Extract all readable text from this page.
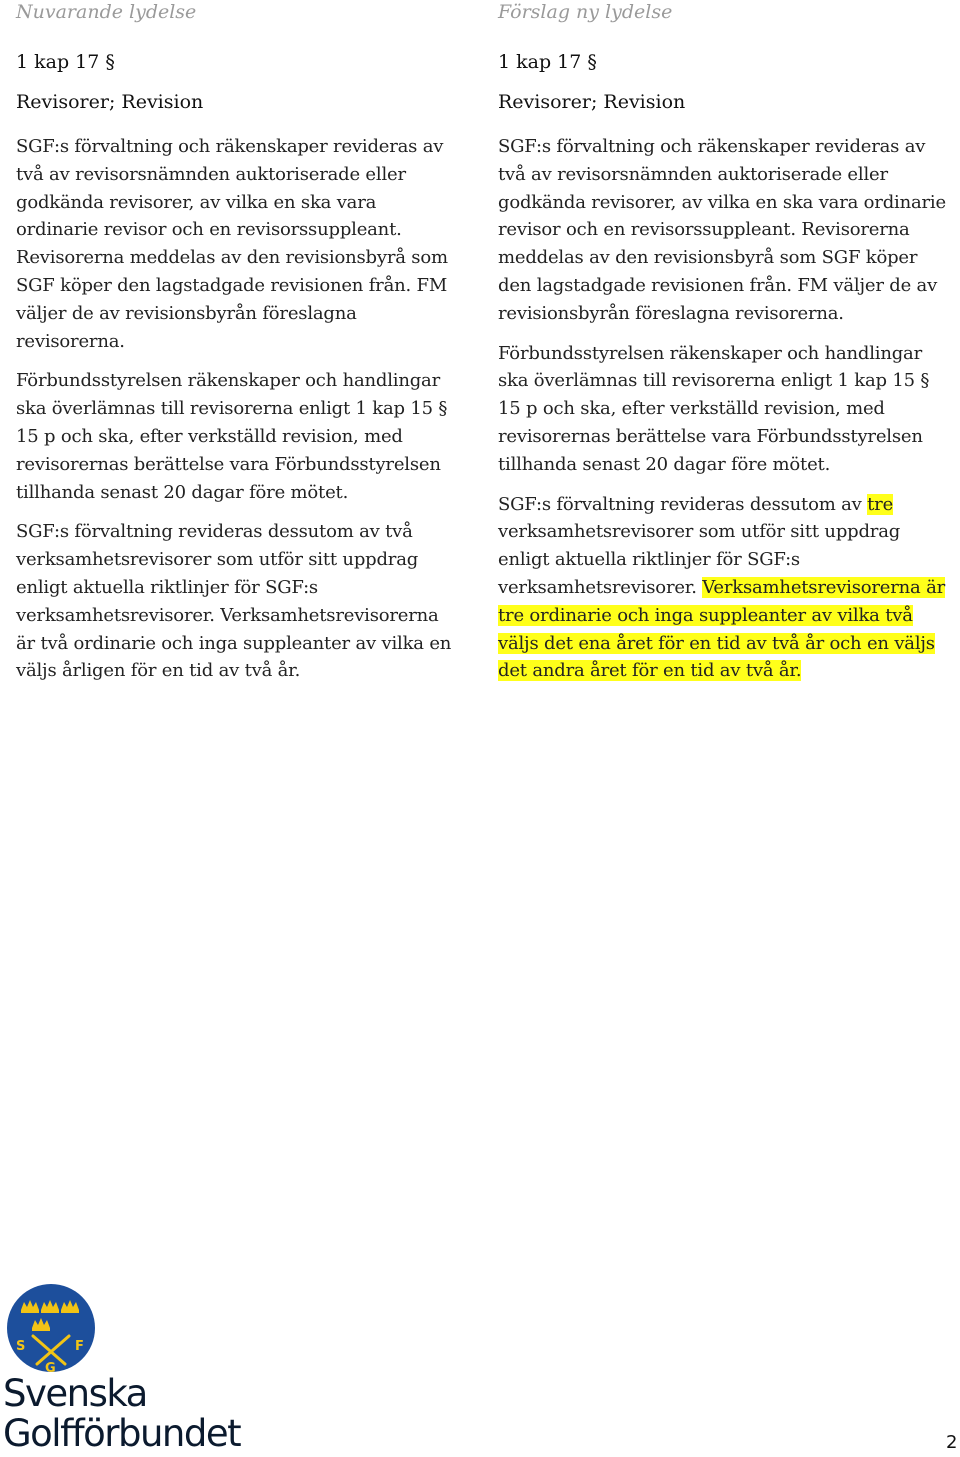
Nuvarande lydelse

1 kap 17 §

Revisorer; Revision

SGF:s förvaltning och räkenskaper revideras av två av revisorsnämnden auktoriserade eller godkända revisorer, av vilka en ska vara ordinarie revisor och en revisorssuppleant. Revisorerna meddelas av den revisionsbyrå som SGF köper den lagstadgade revisionen från. FM väljer de av revisionsbyrån föreslagna revisorerna.

Förbundsstyrelsen räkenskaper och handlingar ska överlämnas till revisorerna enligt 1 kap 15 § 15 p och ska, efter verkställd revision, med revisorernas berättelse vara Förbundsstyrelsen tillhanda senast 20 dagar före mötet.

SGF:s förvaltning revideras dessutom av två verksamhetsrevisorer som utför sitt uppdrag enligt aktuella riktlinjer för SGF:s verksamhetsrevisorer. Verksamhetsrevisorerna är två ordinarie och inga suppleanter av vilka en väljs årligen för en tid av två år.

Förslag ny lydelse

1 kap 17 §

Revisorer; Revision

SGF:s förvaltning och räkenskaper revideras av två av revisorsnämnden auktoriserade eller godkända revisorer, av vilka en ska vara ordinarie revisor och en revisorssuppleant. Revisorerna meddelas av den revisionsbyrå som SGF köper den lagstadgade revisionen från. FM väljer de av revisionsbyrån föreslagna revisorerna.

Förbundsstyrelsen räkenskaper och handlingar ska överlämnas till revisorerna enligt 1 kap 15 § 15 p och ska, efter verkställd revision, med revisorernas berättelse vara Förbundsstyrelsen tillhanda senast 20 dagar före mötet.

SGF:s förvaltning revideras dessutom av tre verksamhetsrevisorer som utför sitt uppdrag enligt aktuella riktlinjer för SGF:s verksamhetsrevisorer. Verksamhetsrevisorerna är tre ordinarie och inga suppleanter av vilka två väljs det ena året för en tid av två år och en väljs det andra året för en tid av två år.

S
G
F
Svenska
Golfförbundet	2
